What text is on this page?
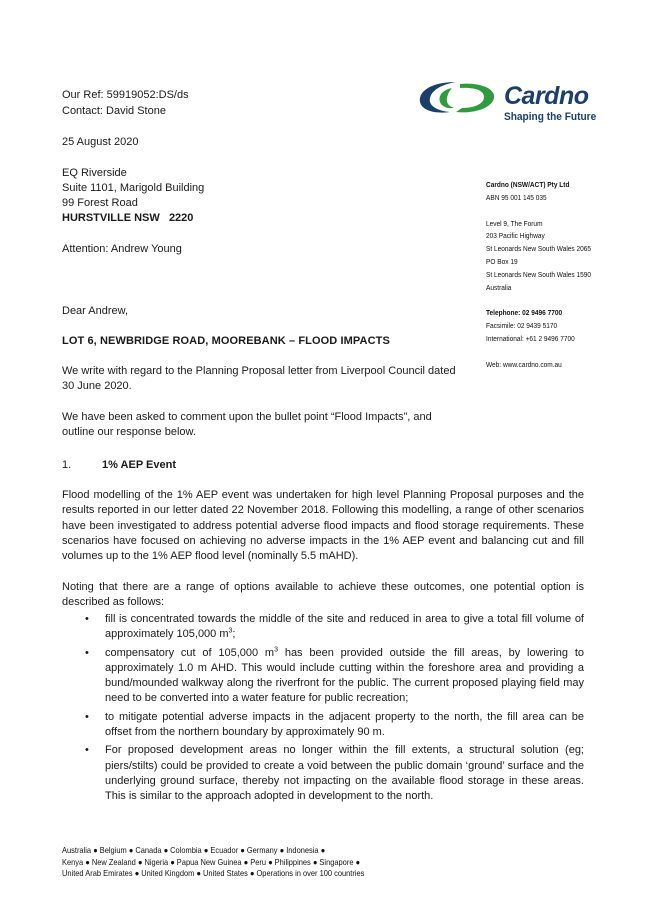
Our Ref: 59919052:DS/ds
Contact: David Stone
25 August 2020
Cardno
Shaping the Future
EQ Riverside
Suite 1101, Marigold Building
99 Forest Road
HURSTVILLE NSW   2220
Attention: Andrew Young
Cardno (NSW/ACT) Pty Ltd
ABN 95 001 145 035
Level 9, The Forum
203 Pacific Highway
St Leonards New South Wales 2065
PO Box 19
St Leonards New South Wales 1590
Australia
Telephone: 02 9496 7700
Facsimile: 02 9439 5170
International: +61 2 9496 7700
Web: www.cardno.com.au
Dear Andrew,
LOT 6, NEWBRIDGE ROAD, MOOREBANK – FLOOD IMPACTS
We write with regard to the Planning Proposal letter from Liverpool Council dated 30 June 2020.
We have been asked to comment upon the bullet point “Flood Impacts”, and outline our response below.
1.	1% AEP Event
Flood modelling of the 1% AEP event was undertaken for high level Planning Proposal purposes and the results reported in our letter dated 22 November 2018. Following this modelling, a range of other scenarios have been investigated to address potential adverse flood impacts and flood storage requirements. These scenarios have focused on achieving no adverse impacts in the 1% AEP event and balancing cut and fill volumes up to the 1% AEP flood level (nominally 5.5 mAHD).
Noting that there are a range of options available to achieve these outcomes, one potential option is described as follows:
• fill is concentrated towards the middle of the site and reduced in area to give a total fill volume of approximately 105,000 $m^3$;
• compensatory cut of 105,000 $m^3$ has been provided outside the fill areas, by lowering to approximately 1.0 m AHD. This would include cutting within the foreshore area and providing a bund/mounded walkway along the riverfront for the public. The current proposed playing field may need to be converted into a water feature for public recreation;
• to mitigate potential adverse impacts in the adjacent property to the north, the fill area can be offset from the northern boundary by approximately 90 m.
• For proposed development areas no longer within the fill extents, a structural solution (eg; piers/stilts) could be provided to create a void between the public domain ‘ground’ surface and the underlying ground surface, thereby not impacting on the available flood storage in these areas. This is similar to the approach adopted in development to the north.
Australia ● Belgium ● Canada ● Colombia ● Ecuador ● Germany ● Indonesia ●
Kenya ● New Zealand ● Nigeria ● Papua New Guinea ● Peru ● Philippines ● Singapore ●
United Arab Emirates ● United Kingdom ● United States ● Operations in over 100 countries
